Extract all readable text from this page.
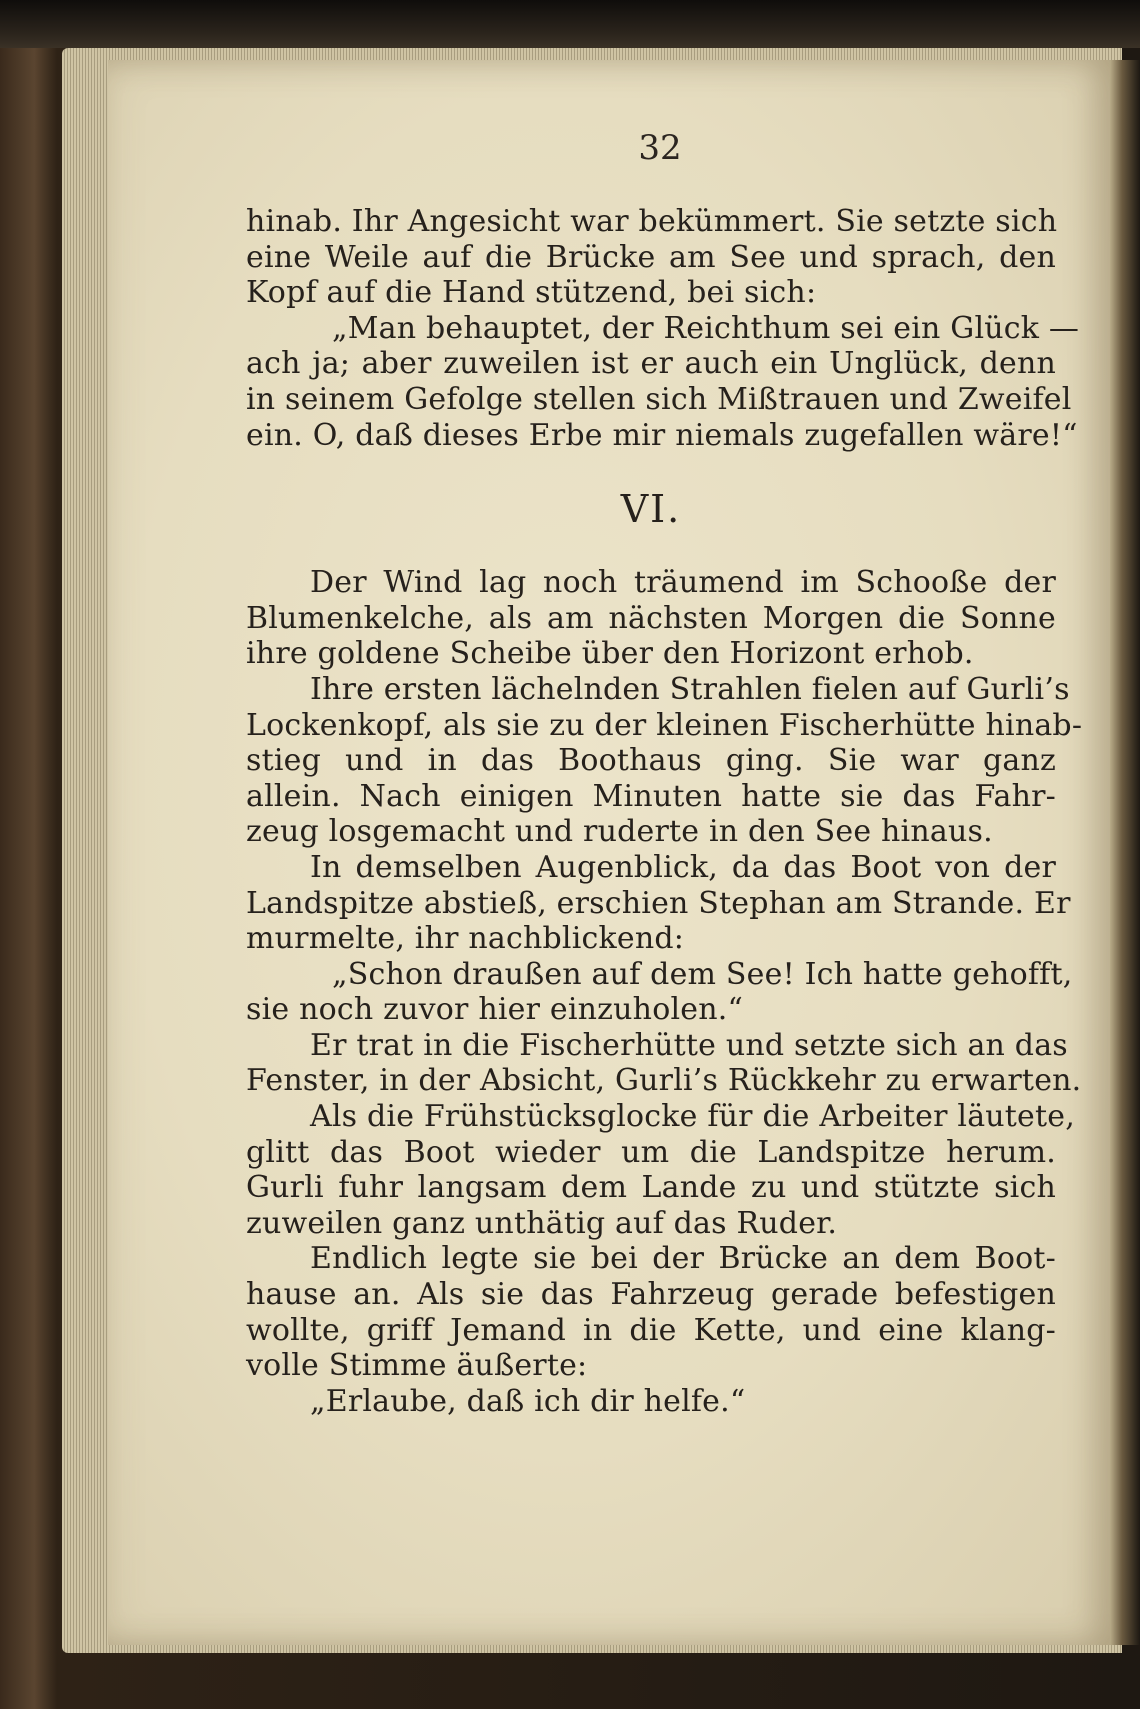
32
hinab. Ihr Angesicht war bekümmert. Sie setzte sich
eine Weile auf die Brücke am See und sprach, den
Kopf auf die Hand stützend, bei sich:
„Man behauptet, der Reichthum sei ein Glück —
ach ja; aber zuweilen ist er auch ein Unglück, denn
in seinem Gefolge stellen sich Mißtrauen und Zweifel
ein. O, daß dieses Erbe mir niemals zugefallen wäre!“
VI.
Der Wind lag noch träumend im Schooße der
Blumenkelche, als am nächsten Morgen die Sonne
ihre goldene Scheibe über den Horizont erhob.
Ihre ersten lächelnden Strahlen fielen auf Gurli’s
Lockenkopf, als sie zu der kleinen Fischerhütte hinab-
stieg und in das Boothaus ging. Sie war ganz
allein. Nach einigen Minuten hatte sie das Fahr-
zeug losgemacht und ruderte in den See hinaus.
In demselben Augenblick, da das Boot von der
Landspitze abstieß, erschien Stephan am Strande. Er
murmelte, ihr nachblickend:
„Schon draußen auf dem See! Ich hatte gehofft,
sie noch zuvor hier einzuholen.“
Er trat in die Fischerhütte und setzte sich an das
Fenster, in der Absicht, Gurli’s Rückkehr zu erwarten.
Als die Frühstücksglocke für die Arbeiter läutete,
glitt das Boot wieder um die Landspitze herum.
Gurli fuhr langsam dem Lande zu und stützte sich
zuweilen ganz unthätig auf das Ruder.
Endlich legte sie bei der Brücke an dem Boot-
hause an. Als sie das Fahrzeug gerade befestigen
wollte, griff Jemand in die Kette, und eine klang-
volle Stimme äußerte:
„Erlaube, daß ich dir helfe.“
